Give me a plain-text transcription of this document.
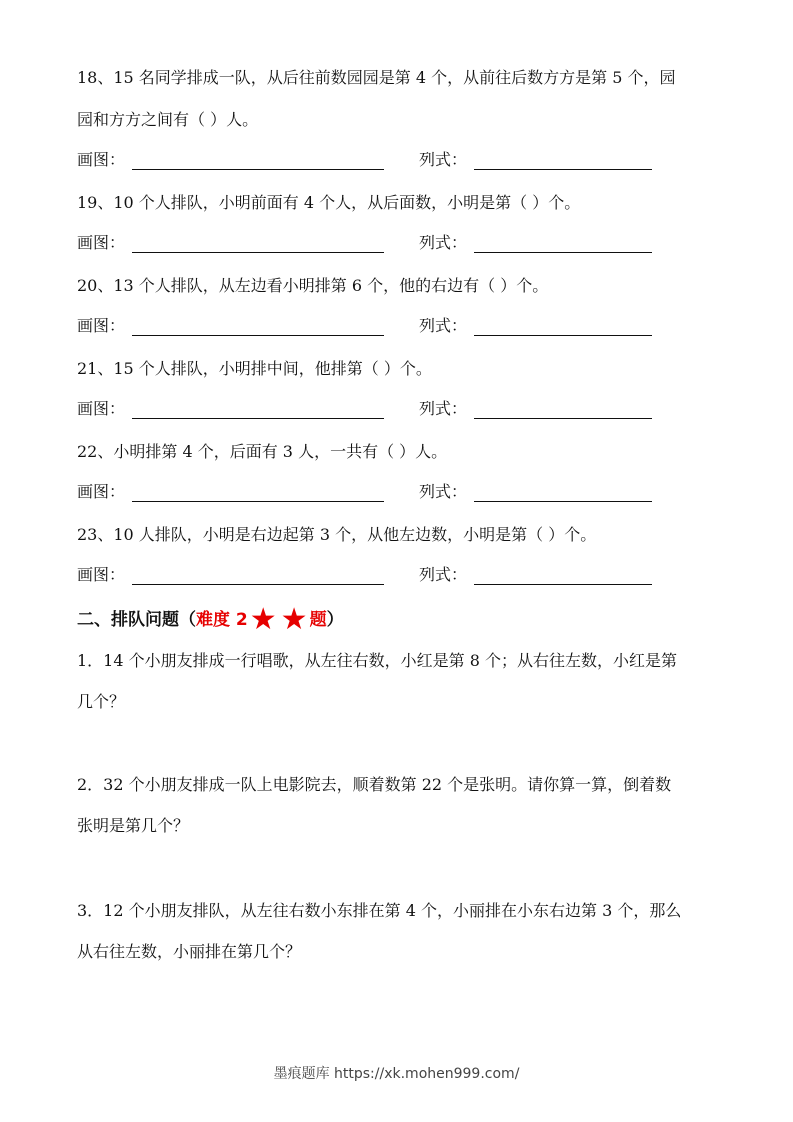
18、15 名同学排成一队，从后往前数园园是第 4 个，从前往后数方方是第 5 个，园
园和方方之间有（ ）人。
画图：	列式：
19、10 个人排队，小明前面有 4 个人，从后面数，小明是第（ ）个。
画图：	列式：
20、13 个人排队，从左边看小明排第 6 个，他的右边有（ ）个。
画图：	列式：
21、15 个人排队，小明排中间，他排第（ ）个。
画图：	列式：
22、小明排第 4 个，后面有 3 人，一共有（ ）人。
画图：	列式：
23、10 人排队，小明是右边起第 3 个，从他左边数，小明是第（ ）个。
画图：	列式：
二、排队问题（难度 2★ ★ 题）
1．14 个小朋友排成一行唱歌，从左往右数，小红是第 8 个；从右往左数，小红是第
几个？
2．32 个小朋友排成一队上电影院去，顺着数第 22 个是张明。请你算一算，倒着数
张明是第几个？
3．12 个小朋友排队，从左往右数小东排在第 4 个，小丽排在小东右边第 3 个，那么
从右往左数，小丽排在第几个？
墨痕题库 https://xk.mohen999.com/
